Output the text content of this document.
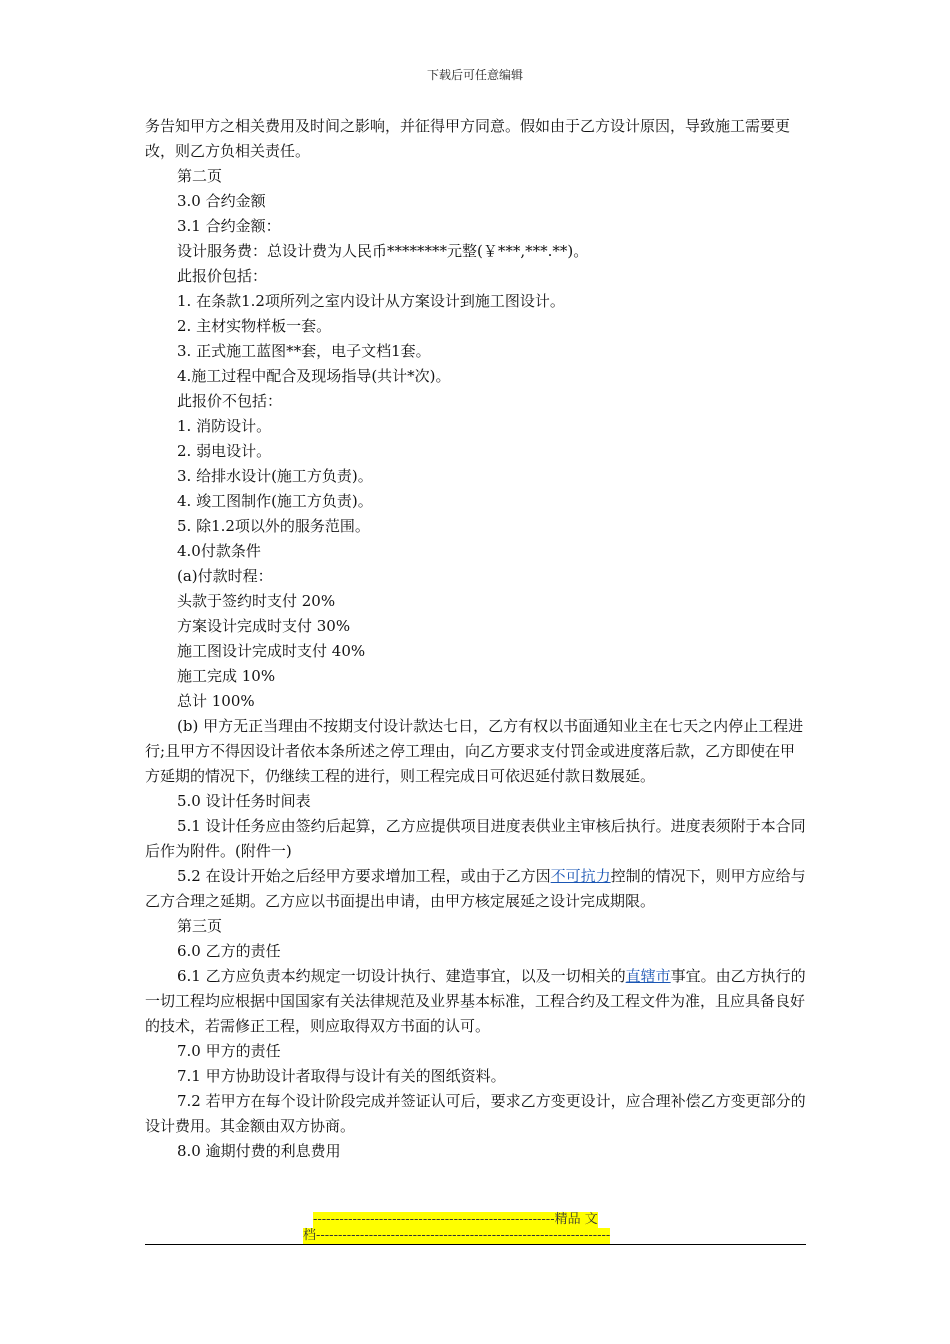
下载后可任意编辑

务告知甲方之相关费用及时间之影响，并征得甲方同意。假如由于乙方设计原因，导致施工需要更改，则乙方负相关责任。

第二页

3.0 合约金额

3.1 合约金额：

设计服务费：总设计费为人民币********元整(￥***,***.**)。

此报价包括：

1. 在条款1.2项所列之室内设计从方案设计到施工图设计。

2. 主材实物样板一套。

3. 正式施工蓝图**套，电子文档1套。

4.施工过程中配合及现场指导(共计*次)。

此报价不包括：

1. 消防设计。

2. 弱电设计。

3. 给排水设计(施工方负责)。

4. 竣工图制作(施工方负责)。

5. 除1.2项以外的服务范围。

4.0付款条件

(a)付款时程：

头款于签约时支付 20%

方案设计完成时支付 30%

施工图设计完成时支付 40%

施工完成 10%

总计 100%

(b) 甲方无正当理由不按期支付设计款达七日，乙方有权以书面通知业主在七天之内停止工程进行;且甲方不得因设计者依本条所述之停工理由，向乙方要求支付罚金或进度落后款，乙方即使在甲方延期的情况下，仍继续工程的进行，则工程完成日可依迟延付款日数展延。

5.0 设计任务时间表

5.1 设计任务应由签约后起算，乙方应提供项目进度表供业主审核后执行。进度表须附于本合同后作为附件。(附件一)

5.2 在设计开始之后经甲方要求增加工程，或由于乙方因不可抗力控制的情况下，则甲方应给与乙方合理之延期。乙方应以书面提出申请，由甲方核定展延之设计完成期限。

第三页

6.0 乙方的责任

6.1 乙方应负责本约规定一切设计执行、建造事宜，以及一切相关的直辖市事宜。由乙方执行的一切工程均应根据中国国家有关法律规范及业界基本标准，工程合约及工程文件为准，且应具备良好的技术，若需修正工程，则应取得双方书面的认可。

7.0 甲方的责任

7.1 甲方协助设计者取得与设计有关的图纸资料。

7.2 若甲方在每个设计阶段完成并签证认可后，要求乙方变更设计，应合理补偿乙方变更部分的设计费用。其金额由双方协商。

8.0 逾期付费的利息费用

-------------------------------------------------------精品 文
档-------------------------------------------------------------------
